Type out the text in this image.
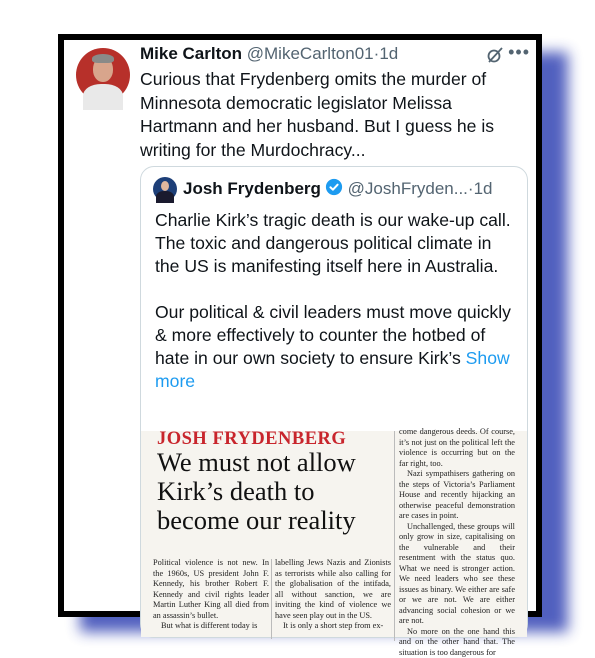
Mike Carlton @MikeCarlton01·1d	•••
Curious that Frydenberg omits the murder of Minnesota democratic legislator Melissa Hartmann and her husband. But I guess he is writing for the Murdochracy...
Josh Frydenberg @JoshFryden...·1d

Charlie Kirk’s tragic death is our wake-up call. The toxic and dangerous political climate in the US is manifesting itself here in Australia.

Our political & civil leaders must move quickly & more effectively to counter the hotbed of hate in our own society to ensure Kirk’s Show more

JOSH FRYDENBERG
We must not allow Kirk’s death to become our reality

Political violence is not new. In the 1960s, US president John F. Kennedy, his brother Robert F. Kennedy and civil rights leader Martin Luther King all died from an assassin’s bullet.

But what is different today is

labelling Jews Nazis and Zionists as terrorists while also calling for the globalisation of the intifada, all without sanction, we are inviting the kind of violence we have seen play out in the US.

It is only a short step from ex-

come dangerous deeds. Of course, it’s not just on the political left the violence is occurring but on the far right, too.
Nazi sympathisers gathering on the steps of Victoria’s Parliament House and recently hijacking an otherwise peaceful demonstration are cases in point.
Unchallenged, these groups will only grow in size, capitalising on the vulnerable and their resentment with the status quo. What we need is stronger action. We need leaders who see these issues as binary. We either are safe or we are not. We are either advancing social cohesion or we are not.
No more on the one hand this and on the other hand that. The situation is too dangerous for
